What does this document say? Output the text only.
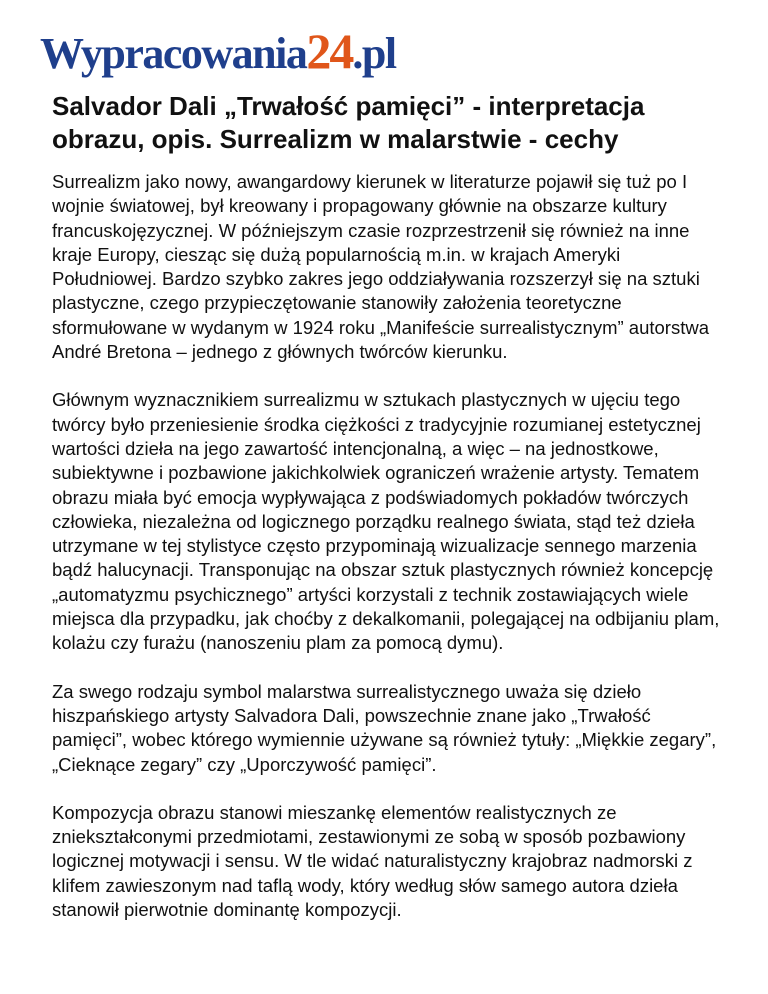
Wypracowania 24 .pl
Salvador Dali „Trwałość pamięci” - interpretacja obrazu, opis. Surrealizm w malarstwie - cechy

Surrealizm jako nowy, awangardowy kierunek w literaturze pojawił się tuż po I wojnie światowej, był kreowany i propagowany głównie na obszarze kultury francuskojęzycznej. W późniejszym czasie rozprzestrzenił się również na inne kraje Europy, ciesząc się dużą popularnością m.in. w krajach Ameryki Południowej. Bardzo szybko zakres jego oddziaływania rozszerzył się na sztuki plastyczne, czego przypieczętowanie stanowiły założenia teoretyczne sformułowane w wydanym w 1924 roku „Manifeście surrealistycznym” autorstwa André Bretona – jednego z głównych twórców kierunku.

Głównym wyznacznikiem surrealizmu w sztukach plastycznych w ujęciu tego twórcy było przeniesienie środka ciężkości z tradycyjnie rozumianej estetycznej wartości dzieła na jego zawartość intencjonalną, a więc – na jednostkowe, subiektywne i pozbawione jakichkolwiek ograniczeń wrażenie artysty. Tematem obrazu miała być emocja wypływająca z podświadomych pokładów twórczych człowieka, niezależna od logicznego porządku realnego świata, stąd też dzieła utrzymane w tej stylistyce często przypominają wizualizacje sennego marzenia bądź halucynacji. Transponując na obszar sztuk plastycznych również koncepcję „automatyzmu psychicznego” artyści korzystali z technik zostawiających wiele miejsca dla przypadku, jak choćby z dekalkomanii, polegającej na odbijaniu plam, kolażu czy furażu (nanoszeniu plam za pomocą dymu).

Za swego rodzaju symbol malarstwa surrealistycznego uważa się dzieło hiszpańskiego artysty Salvadora Dali, powszechnie znane jako „Trwałość pamięci”, wobec którego wymiennie używane są również tytuły: „Miękkie zegary”, „Cieknące zegary” czy „Uporczywość pamięci”.

Kompozycja obrazu stanowi mieszankę elementów realistycznych ze zniekształconymi przedmiotami, zestawionymi ze sobą w sposób pozbawiony logicznej motywacji i sensu. W tle widać naturalistyczny krajobraz nadmorski z klifem zawieszonym nad taflą wody, który według słów samego autora dzieła stanowił pierwotnie dominantę kompozycji.
